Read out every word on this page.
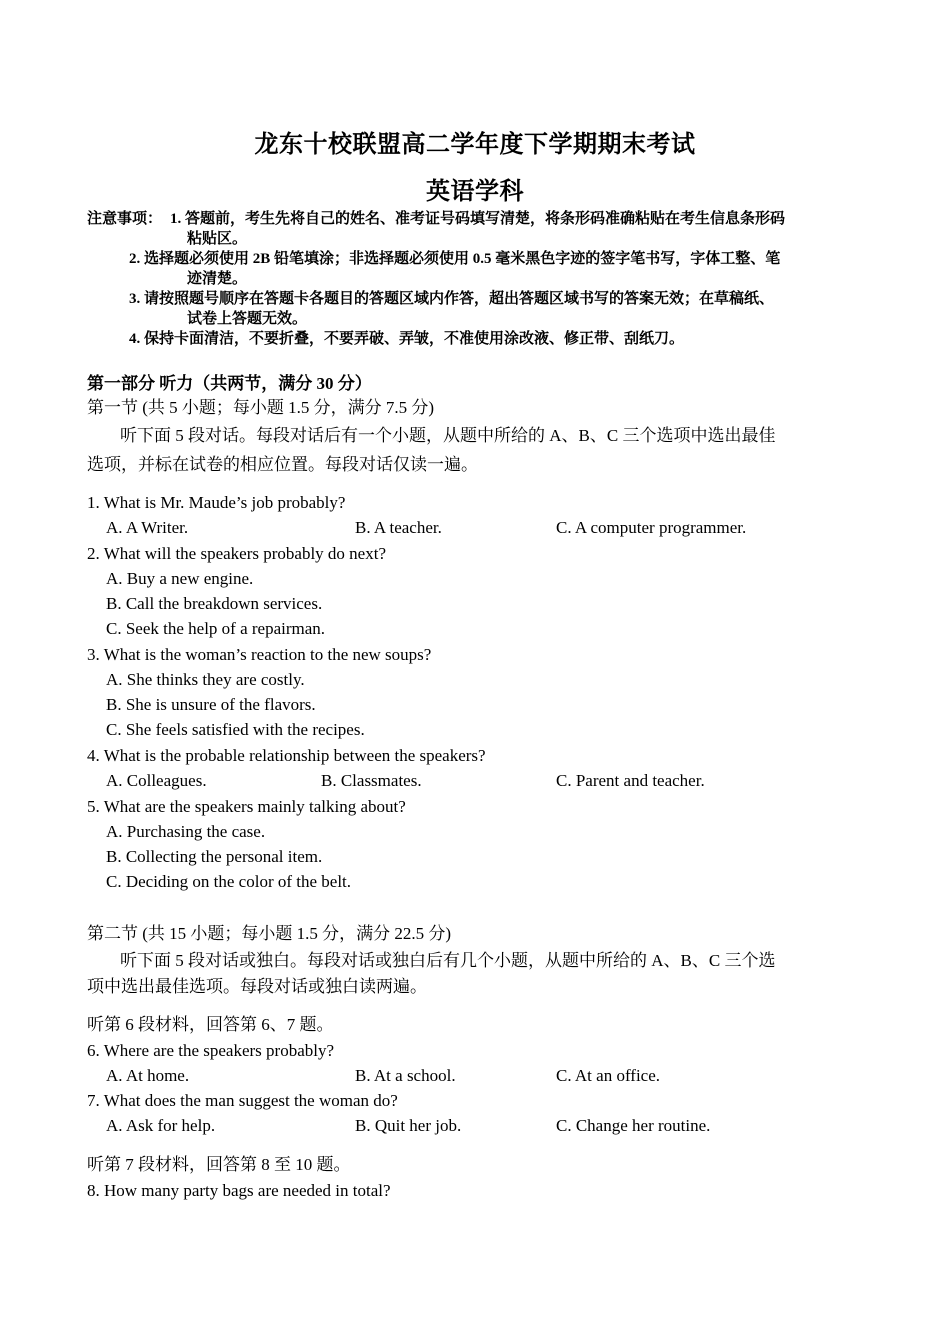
龙东十校联盟高二学年度下学期期末考试
英语学科
注意事项： 1. 答题前，考生先将自己的姓名、准考证号码填写清楚，将条形码准确粘贴在考生信息条形码
粘贴区。
2. 选择题必须使用 2B 铅笔填涂；非选择题必须使用 0.5 毫米黑色字迹的签字笔书写，字体工整、笔
迹清楚。
3. 请按照题号顺序在答题卡各题目的答题区域内作答，超出答题区域书写的答案无效；在草稿纸、
试卷上答题无效。
4. 保持卡面清洁，不要折叠，不要弄破、弄皱，不准使用涂改液、修正带、刮纸刀。
第一部分 听力（共两节，满分 30 分）
第一节 (共 5 小题；每小题 1.5 分，满分 7.5 分)
听下面 5 段对话。每段对话后有一个小题，从题中所给的 A、B、C 三个选项中选出最佳
选项，并标在试卷的相应位置。每段对话仅读一遍。
1. What is Mr. Maude’s job probably?
A. A Writer.	B. A teacher.	C. A computer programmer.
2. What will the speakers probably do next?
A. Buy a new engine.
B. Call the breakdown services.
C. Seek the help of a repairman.
3. What is the woman’s reaction to the new soups?
A. She thinks they are costly.
B. She is unsure of the flavors.
C. She feels satisfied with the recipes.
4. What is the probable relationship between the speakers?
A. Colleagues.	B. Classmates.	C. Parent and teacher.
5. What are the speakers mainly talking about?
A. Purchasing the case.
B. Collecting the personal item.
C. Deciding on the color of the belt.
第二节 (共 15 小题；每小题 1.5 分，满分 22.5 分)
听下面 5 段对话或独白。每段对话或独白后有几个小题，从题中所给的 A、B、C 三个选
项中选出最佳选项。每段对话或独白读两遍。
听第 6 段材料，回答第 6、7 题。
6. Where are the speakers probably?
A. At home.	B. At a school.	C. At an office.
7. What does the man suggest the woman do?
A. Ask for help.	B. Quit her job.	C. Change her routine.
听第 7 段材料，回答第 8 至 10 题。
8. How many party bags are needed in total?
